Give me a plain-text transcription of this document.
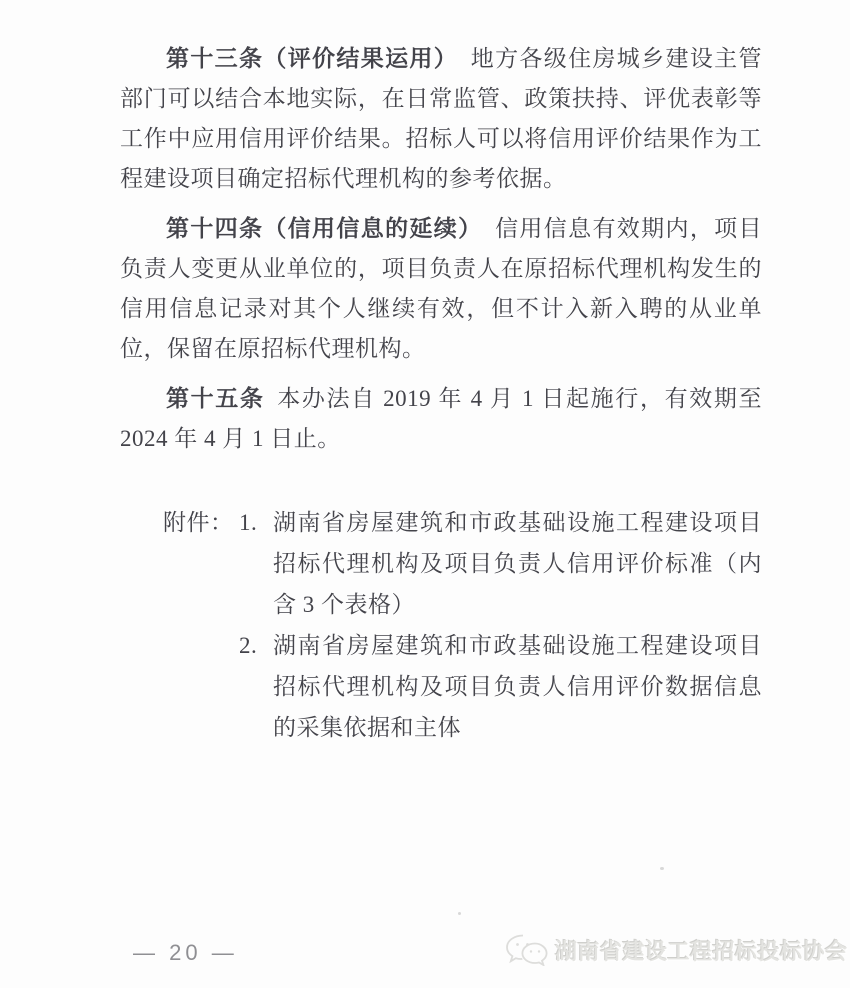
第十三条（评价结果运用） 地方各级住房城乡建设主管部门可以结合本地实际，在日常监管、政策扶持、评优表彰等工作中应用信用评价结果。招标人可以将信用评价结果作为工程建设项目确定招标代理机构的参考依据。

第十四条（信用信息的延续） 信用信息有效期内，项目负责人变更从业单位的，项目负责人在原招标代理机构发生的信用信息记录对其个人继续有效，但不计入新入聘的从业单位，保留在原招标代理机构。

第十五条 本办法自 2019 年 4 月 1 日起施行，有效期至 2024 年 4 月 1 日止。

附件： 1. 湖南省房屋建筑和市政基础设施工程建设项目招标代理机构及项目负责人信用评价标准（内含 3 个表格）
2. 湖南省房屋建筑和市政基础设施工程建设项目招标代理机构及项目负责人信用评价数据信息的采集依据和主体
— 20 —	湖南省建设工程招标投标协会
